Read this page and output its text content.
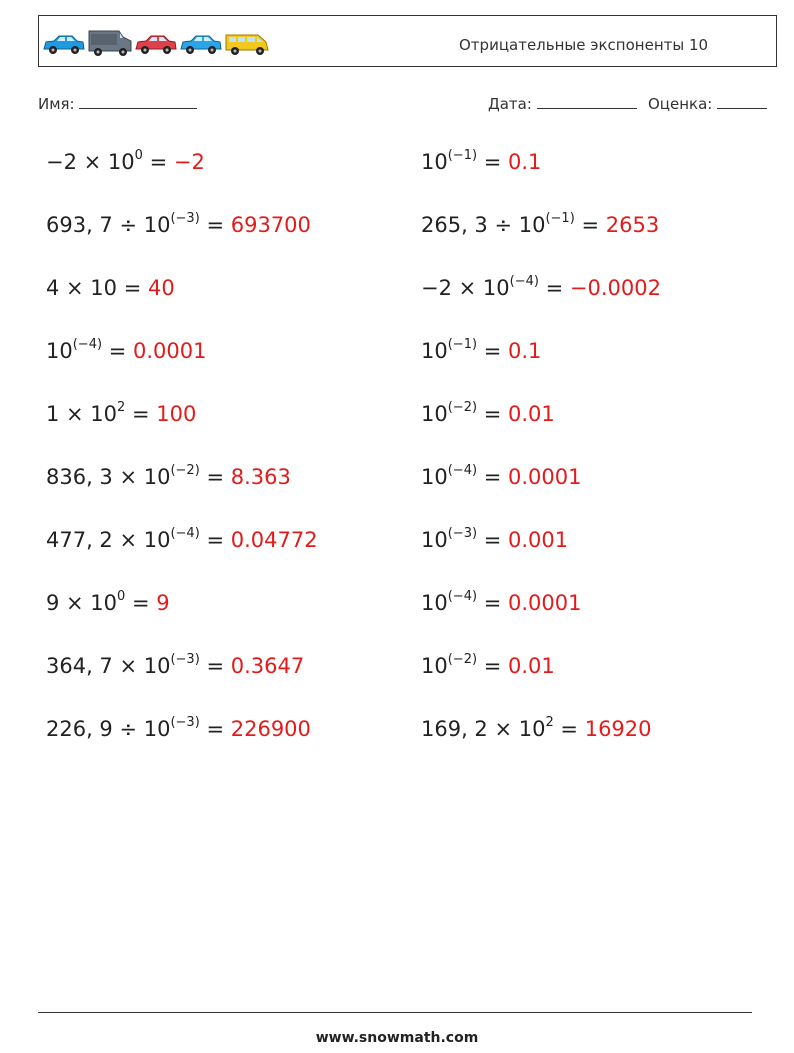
Отрицательные экспоненты 10
Имя:	Дата:	Оценка:
$-2 \times 10^0 = -2$
693, $7 \div 10^{(-3)} = 693700$
4 × 10 = 40
$10^{(-4)} = 0.0001$
$1 \times 10^2 = 100$
836, $3 \times 10^{(-2)} = 8.363$
477, $2 \times 10^{(-4)} = 0.04772$
$9 \times 10^0 = 9$
364, $7 \times 10^{(-3)} = 0.3647$
226, $9 \div 10^{(-3)} = 226900$
$10^{(-1)} = 0.1$
265, $3 \div 10^{(-1)} = 2653$
$-2 \times 10^{(-4)} = -0.0002$
$10^{(-1)} = 0.1$
$10^{(-2)} = 0.01$
$10^{(-4)} = 0.0001$
$10^{(-3)} = 0.001$
$10^{(-4)} = 0.0001$
$10^{(-2)} = 0.01$
169, $2 \times 10^2 = 16920$
www.snowmath.com
